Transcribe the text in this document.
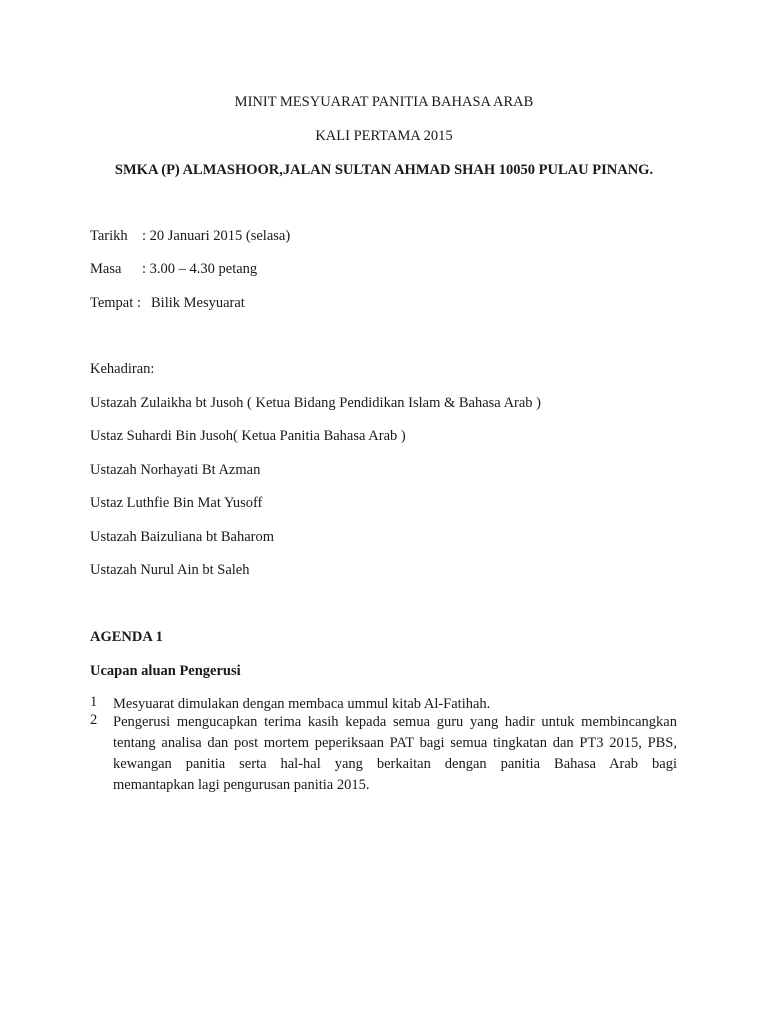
MINIT MESYUARAT PANITIA BAHASA ARAB
KALI PERTAMA 2015
SMKA (P) ALMASHOOR,JALAN SULTAN AHMAD SHAH 10050 PULAU PINANG.
Tarikh : 20 Januari 2015 (selasa)
Masa : 3.00 – 4.30 petang
Tempat : Bilik Mesyuarat
Kehadiran:
Ustazah Zulaikha bt Jusoh ( Ketua Bidang Pendidikan Islam & Bahasa Arab )
Ustaz Suhardi Bin Jusoh( Ketua Panitia Bahasa Arab )
Ustazah Norhayati Bt Azman
Ustaz Luthfie Bin Mat Yusoff
Ustazah Baizuliana bt Baharom
Ustazah Nurul Ain bt Saleh
AGENDA 1
Ucapan aluan Pengerusi
1 Mesyuarat dimulakan dengan membaca ummul kitab Al-Fatihah.
2 Pengerusi mengucapkan terima kasih kepada semua guru yang hadir untuk membincangkan
tentang analisa dan post mortem peperiksaan PAT bagi semua tingkatan dan PT3 2015, PBS,
kewangan panitia serta hal-hal yang berkaitan dengan panitia Bahasa Arab bagi
memantapkan lagi pengurusan panitia 2015.
